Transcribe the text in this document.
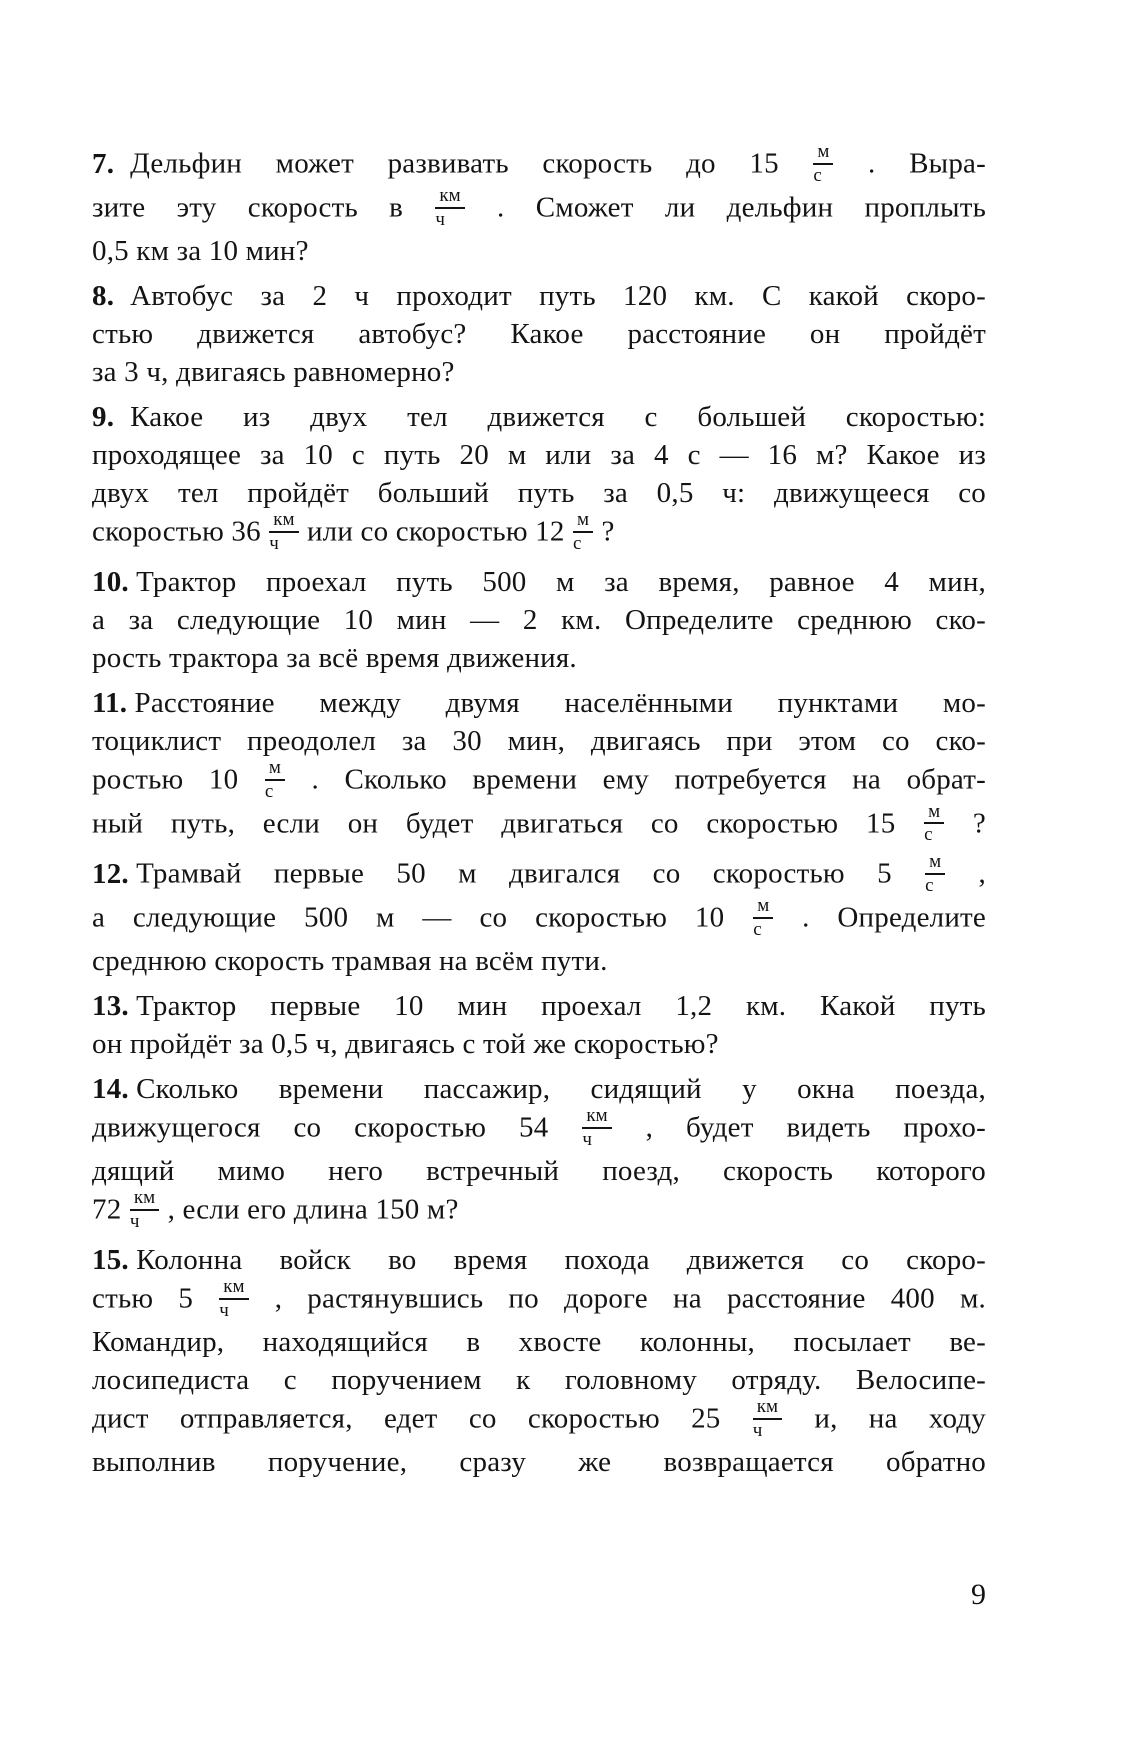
7. Дельфин может развивать скорость до $15 \frac{м}{с}$ . Выра-
зите эту скорость в $\frac{км}{ч}$ . Сможет ли дельфин проплыть
0,5 км за 10 мин?
8. Автобус за 2 ч проходит путь 120 км. С какой скоро-
стью движется автобус? Какое расстояние он пройдёт
за 3 ч, двигаясь равномерно?
9. Какое из двух тел движется с большей скоростью:
проходящее за 10 с путь 20 м или за 4 с — 16 м? Какое из
двух тел пройдёт больший путь за 0,5 ч: движущееся со
скоростью $36 \frac{км}{ч}$ или со скоростью $12 \frac{м}{с}$ ?
10. Трактор проехал путь 500 м за время, равное 4 мин,
а за следующие 10 мин — 2 км. Определите среднюю ско-
рость трактора за всё время движения.
11. Расстояние между двумя населёнными пунктами мо-
тоциклист преодолел за 30 мин, двигаясь при этом со ско-
ростью $10 \frac{м}{с}$ . Сколько времени ему потребуется на обрат-
ный путь, если он будет двигаться со скоростью $15 \frac{м}{с}$ ?
12. Трамвай первые 50 м двигался со скоростью $5 \frac{м}{с}$ ,
а следующие 500 м — со скоростью $10 \frac{м}{с}$ . Определите
среднюю скорость трамвая на всём пути.
13. Трактор первые 10 мин проехал 1,2 км. Какой путь
он пройдёт за 0,5 ч, двигаясь с той же скоростью?
14. Сколько времени пассажир, сидящий у окна поезда,
движущегося со скоростью $54 \frac{км}{ч}$ , будет видеть прохо-
дящий мимо него встречный поезд, скорость которого
$72 \frac{км}{ч}$ , если его длина 150 м?
15. Колонна войск во время похода движется со скоро-
стью $5 \frac{км}{ч}$ , растянувшись по дороге на расстояние 400 м.
Командир, находящийся в хвосте колонны, посылает ве-
лосипедиста с поручением к головному отряду. Велосипе-
дист отправляется, едет со скоростью $25 \frac{км}{ч} и$, на ходу
выполнив поручение, сразу же возвращается обратно
9
